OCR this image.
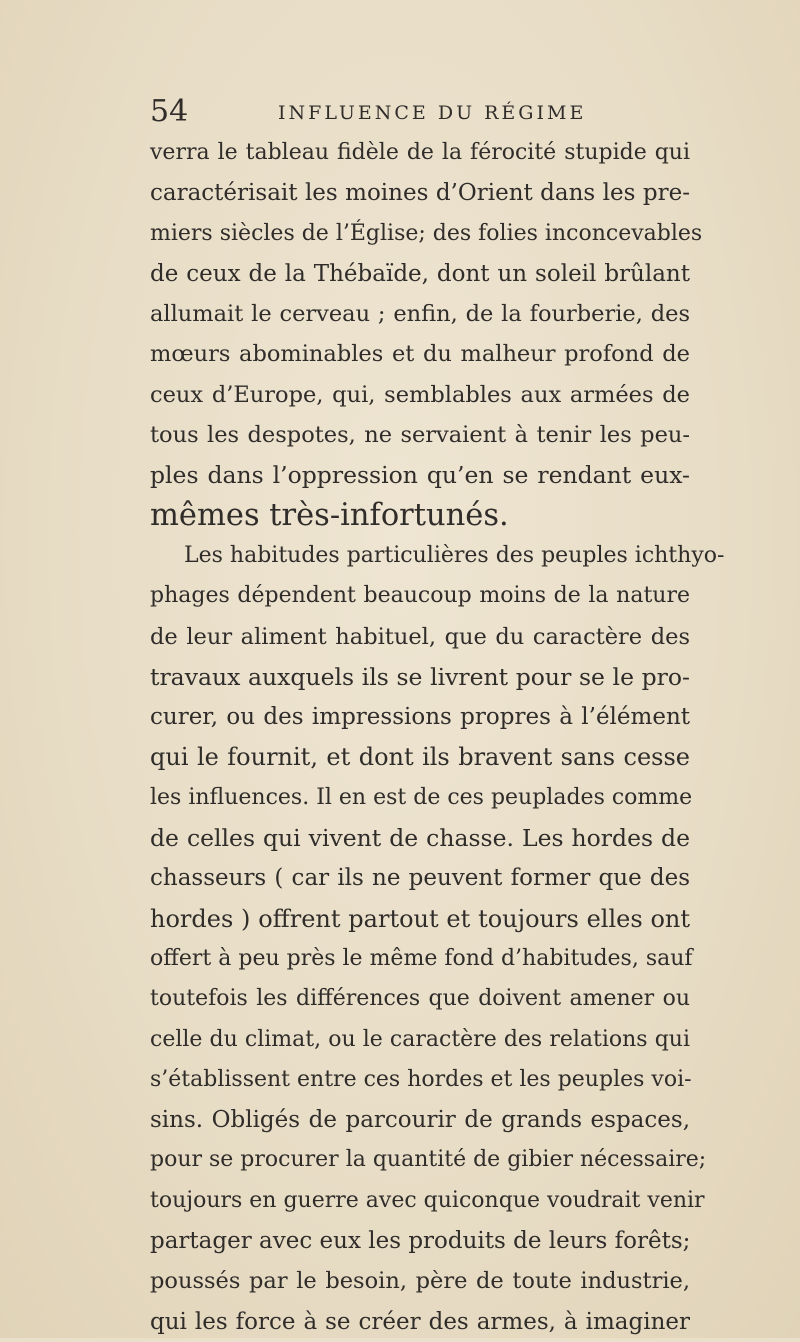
54	INFLUENCE DU RÉGIME
verra le tableau fidèle de la férocité stupide qui
caractérisait les moines d’Orient dans les pre-
miers siècles de l’Église; des folies inconcevables
de ceux de la Thébaïde, dont un soleil brûlant
allumait le cerveau ; enfin, de la fourberie, des
mœurs abominables et du malheur profond de
ceux d’Europe, qui, semblables aux armées de
tous les despotes, ne servaient à tenir les peu-
ples dans l’oppression qu’en se rendant eux-
mêmes très-infortunés.
Les habitudes particulières des peuples ichthyo-
phages dépendent beaucoup moins de la nature
de leur aliment habituel, que du caractère des
travaux auxquels ils se livrent pour se le pro-
curer, ou des impressions propres à l’élément
qui le fournit, et dont ils bravent sans cesse
les influences. Il en est de ces peuplades comme
de celles qui vivent de chasse. Les hordes de
chasseurs ( car ils ne peuvent former que des
hordes ) offrent partout et toujours elles ont
offert à peu près le même fond d’habitudes, sauf
toutefois les différences que doivent amener ou
celle du climat, ou le caractère des relations qui
s’établissent entre ces hordes et les peuples voi-
sins. Obligés de parcourir de grands espaces,
pour se procurer la quantité de gibier nécessaire;
toujours en guerre avec quiconque voudrait venir
partager avec eux les produits de leurs forêts;
poussés par le besoin, père de toute industrie,
qui les force à se créer des armes, à imaginer
